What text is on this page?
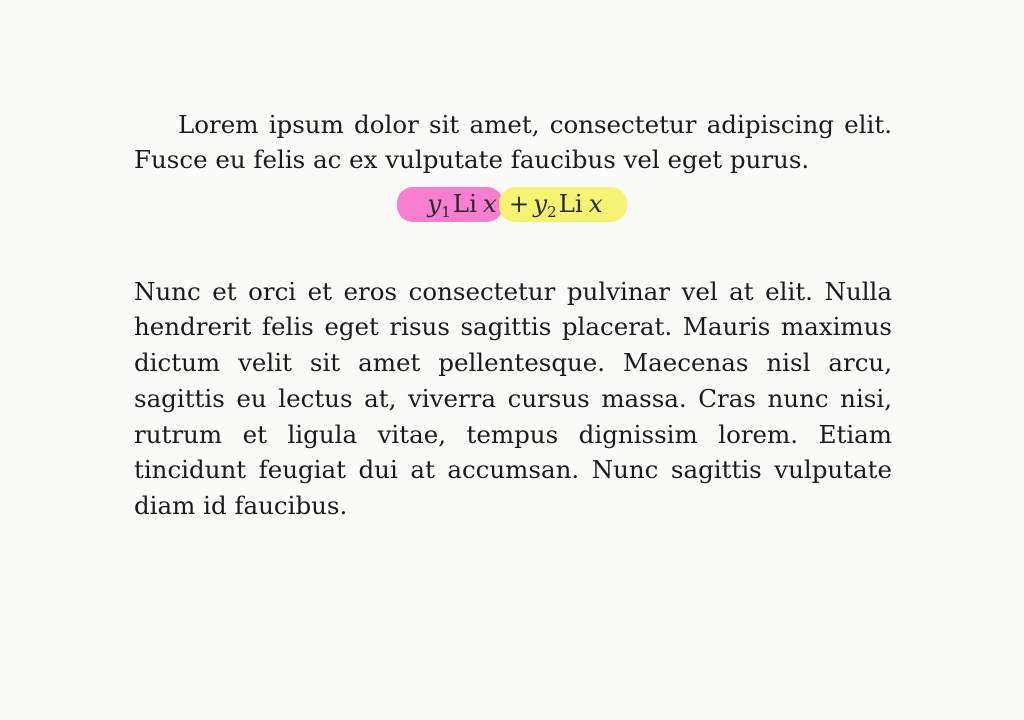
Lorem ipsum dolor sit amet, consectetur adipiscing elit. Fusce eu felis ac ex vulputate faucibus vel eget purus.

y 1 Li x + y 2 Li x

Nunc et orci et eros consectetur pulvinar vel at elit. Nulla hendrerit felis eget risus sagittis placerat. Mauris maximus dictum velit sit amet pellentesque. Maecenas nisl arcu, sagittis eu lectus at, viverra cursus massa. Cras nunc nisi, rutrum et ligula vitae, tempus dignissim lorem. Etiam tincidunt feugiat dui at accumsan. Nunc sagittis vulputate diam id faucibus.
